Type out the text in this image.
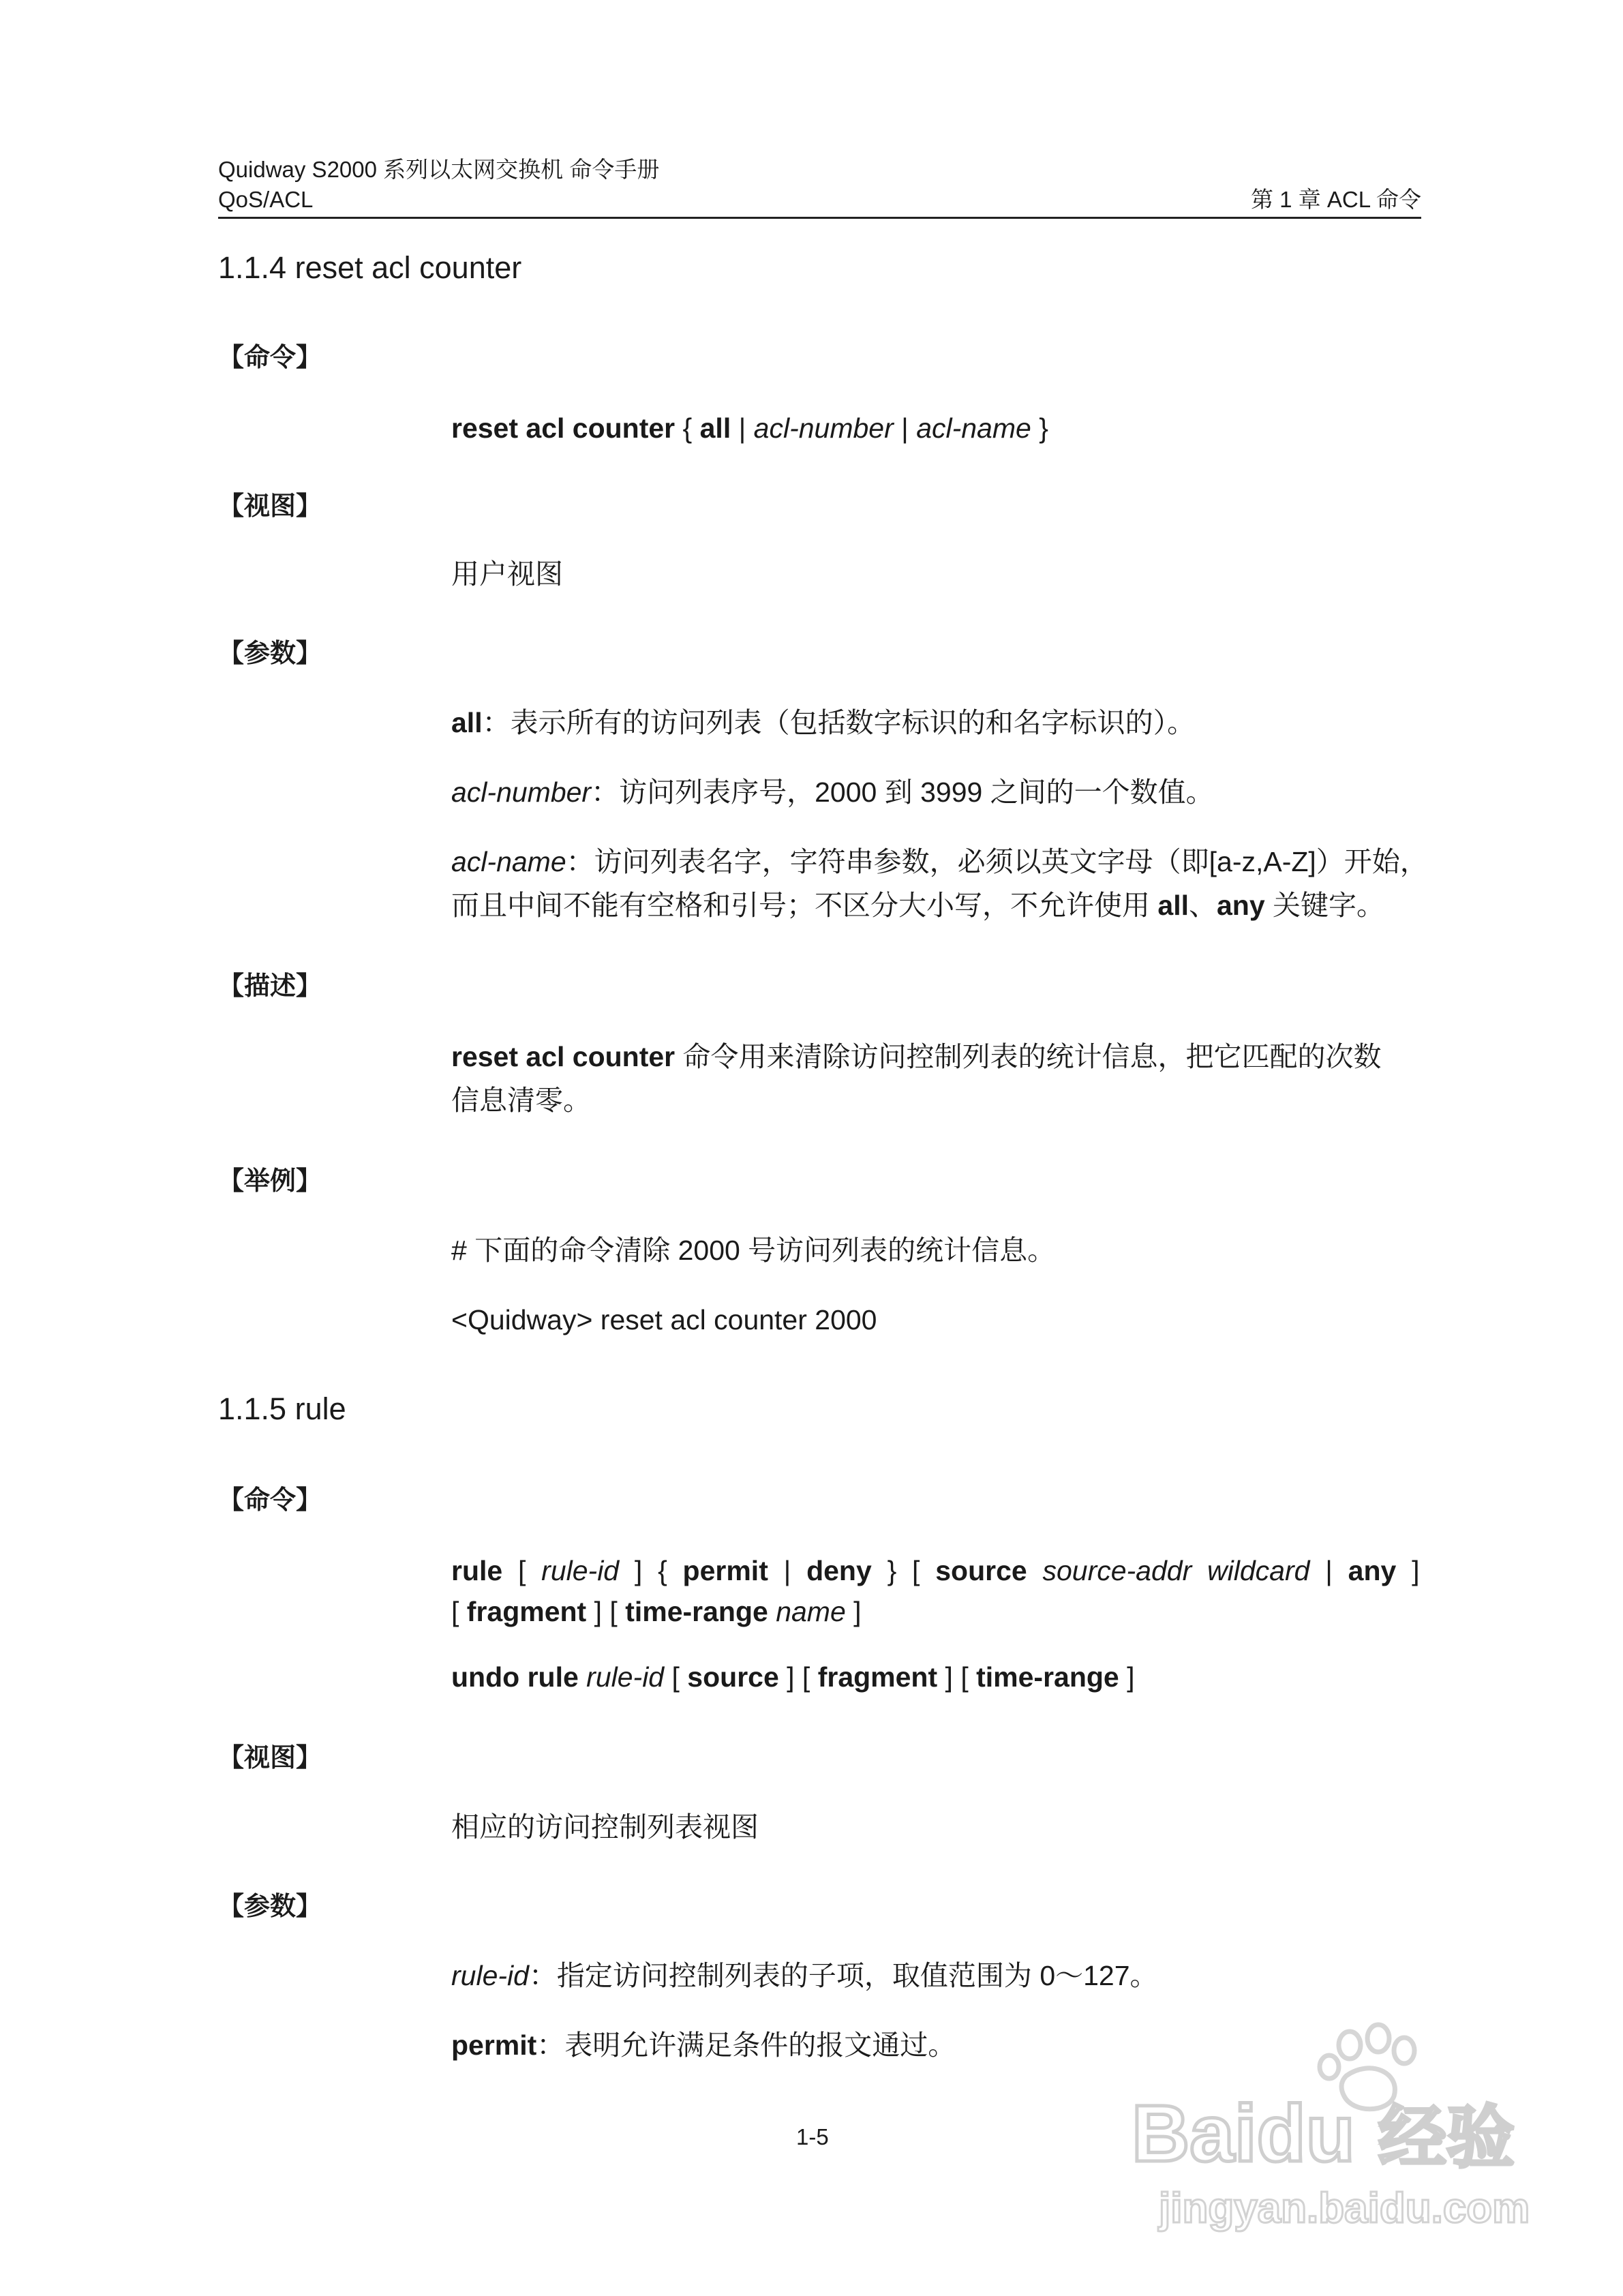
Quidway S2000 系列以太网交换机 命令手册
QoS/ACL	第 1 章 ACL 命令
1.1.4 reset acl counter
【命令】
reset acl counter { all | acl-number | acl-name }
【视图】
用户视图
【参数】
all：表示所有的访问列表（包括数字标识的和名字标识的）。
acl-number：访问列表序号，2000 到 3999 之间的一个数值。
acl-name：访问列表名字，字符串参数，必须以英文字母（即[a-z,A-Z]）开始，
而且中间不能有空格和引号；不区分大小写，不允许使用 all、any 关键字。
【描述】
reset acl counter 命令用来清除访问控制列表的统计信息，把它匹配的次数
信息清零。
【举例】
# 下面的命令清除 2000 号访问列表的统计信息。
<Quidway> reset acl counter 2000
1.1.5 rule
【命令】
rule  [  rule-id  ]  {  permit  |  deny  }  [  source source-addr  wildcard  |  any  ]
[ fragment ] [ time-range name ]
undo rule rule-id [ source ] [ fragment ] [ time-range ]
【视图】
相应的访问控制列表视图
【参数】
rule-id：指定访问控制列表的子项，取值范围为 0～127。
permit：表明允许满足条件的报文通过。
1-5	Baidu 经验
jingyan.baidu.com
